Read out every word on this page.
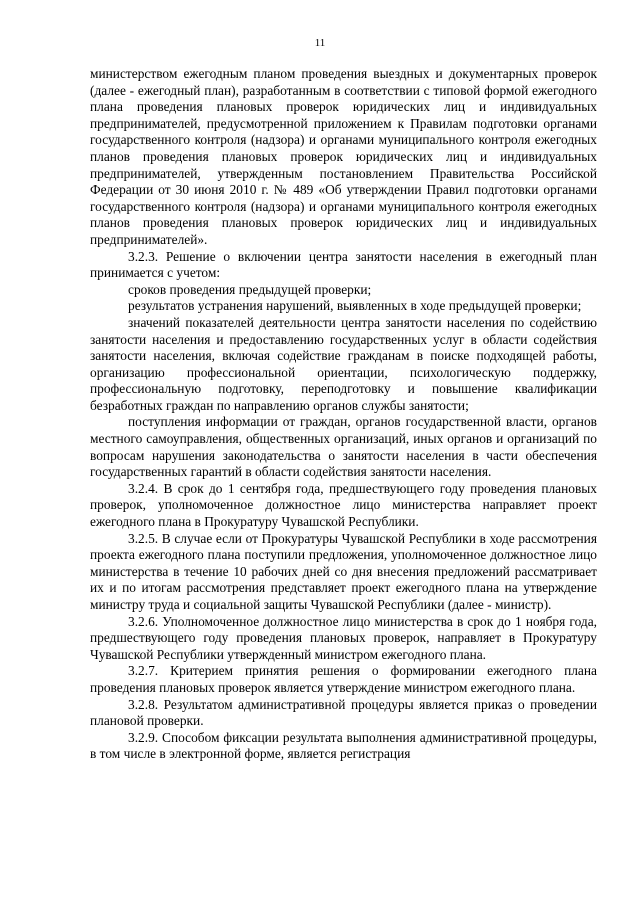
11

министерством ежегодным планом проведения выездных и документарных проверок (далее - ежегодный план), разработанным в соответствии с типовой формой ежегодного плана проведения плановых проверок юридических лиц и индивидуальных предпринимателей, предусмотренной приложением к Правилам подготовки органами государственного контроля (надзора) и органами муниципального контроля ежегодных планов проведения плановых проверок юридических лиц и индивидуальных предпринимателей, утвержденным постановлением Правительства Российской Федерации от 30 июня 2010 г. № 489 «Об утверждении Правил подготовки органами государственного контроля (надзора) и органами муниципального контроля ежегодных планов проведения плановых проверок юридических лиц и индивидуальных предпринимателей».

3.2.3. Решение о включении центра занятости населения в ежегодный план принимается с учетом:

сроков проведения предыдущей проверки;

результатов устранения нарушений, выявленных в ходе предыдущей проверки;

значений показателей деятельности центра занятости населения по содействию занятости населения и предоставлению государственных услуг в области содействия занятости населения, включая содействие гражданам в поиске подходящей работы, организацию профессиональной ориентации, психологическую поддержку, профессиональную подготовку, переподготовку и повышение квалификации безработных граждан по направлению органов службы занятости;

поступления информации от граждан, органов государственной власти, органов местного самоуправления, общественных организаций, иных органов и организаций по вопросам нарушения законодательства о занятости населения в части обеспечения государственных гарантий в области содействия занятости населения.

3.2.4. В срок до 1 сентября года, предшествующего году проведения плановых проверок, уполномоченное должностное лицо министерства направляет проект ежегодного плана в Прокуратуру Чувашской Республики.

3.2.5. В случае если от Прокуратуры Чувашской Республики в ходе рассмотрения проекта ежегодного плана поступили предложения, уполномоченное должностное лицо министерства в течение 10 рабочих дней со дня внесения предложений рассматривает их и по итогам рассмотрения представляет проект ежегодного плана на утверждение министру труда и социальной защиты Чувашской Республики (далее - министр).

3.2.6. Уполномоченное должностное лицо министерства в срок до 1 ноября года, предшествующего году проведения плановых проверок, направляет в Прокуратуру Чувашской Республики утвержденный министром ежегодного плана.

3.2.7. Критерием принятия решения о формировании ежегодного плана проведения плановых проверок является утверждение министром ежегодного плана.

3.2.8. Результатом административной процедуры является приказ о проведении плановой проверки.

3.2.9. Способом фиксации результата выполнения административной процедуры, в том числе в электронной форме, является регистрация
